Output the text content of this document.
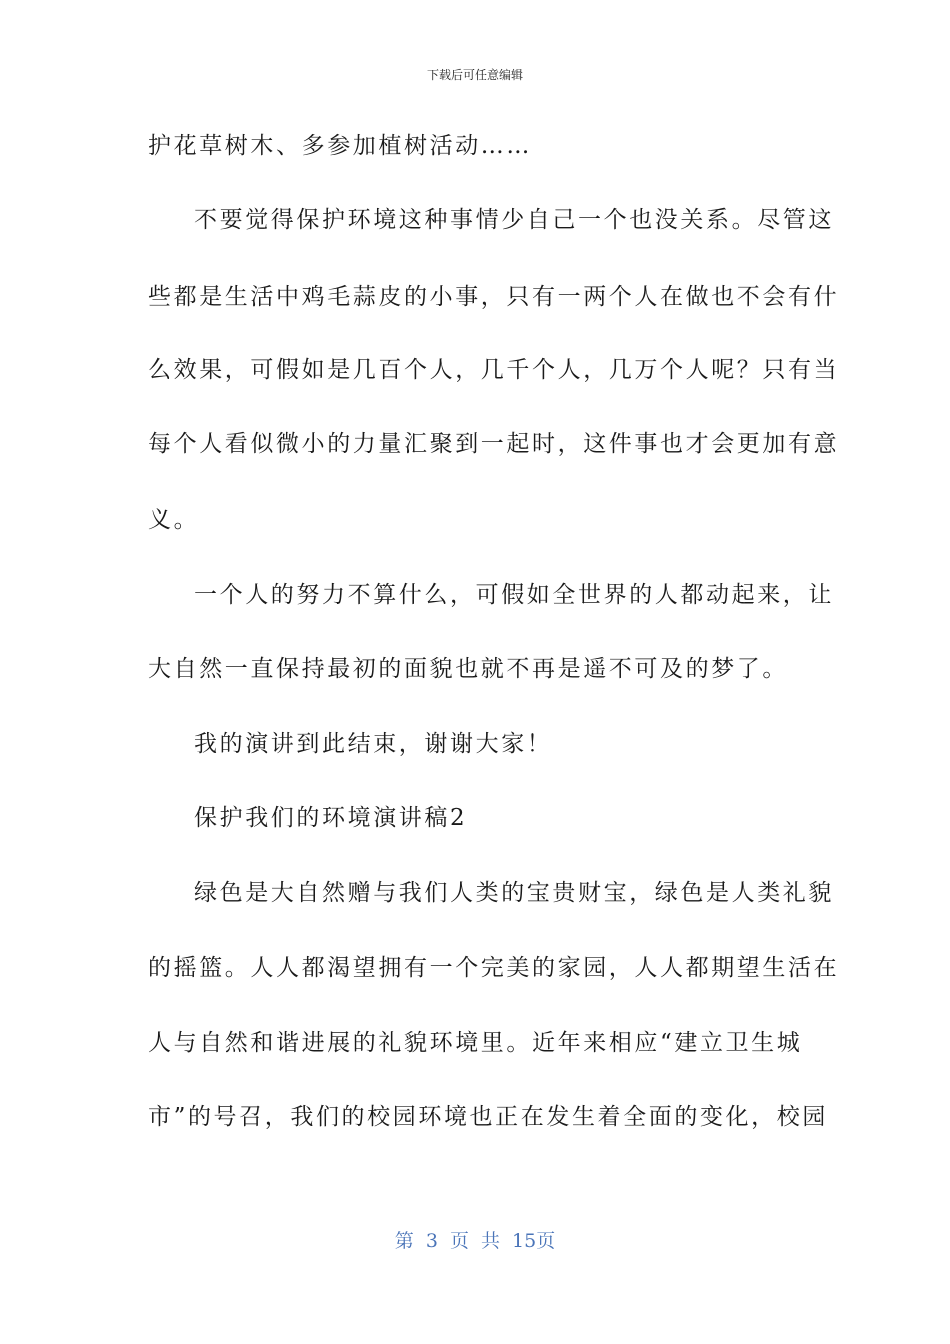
下载后可任意编辑
护花草树木、多参加植树活动……
不要觉得保护环境这种事情少自己一个也没关系。尽管这
些都是生活中鸡毛蒜皮的小事，只有一两个人在做也不会有什
么效果，可假如是几百个人，几千个人，几万个人呢？只有当
每个人看似微小的力量汇聚到一起时，这件事也才会更加有意
义。
一个人的努力不算什么，可假如全世界的人都动起来，让
大自然一直保持最初的面貌也就不再是遥不可及的梦了。
我的演讲到此结束，谢谢大家！
保护我们的环境演讲稿2
绿色是大自然赠与我们人类的宝贵财宝，绿色是人类礼貌
的摇篮。人人都渴望拥有一个完美的家园，人人都期望生活在
人与自然和谐进展的礼貌环境里。近年来相应“建立卫生城
市”的号召，我们的校园环境也正在发生着全面的变化，校园
第 3 页 共 15页
